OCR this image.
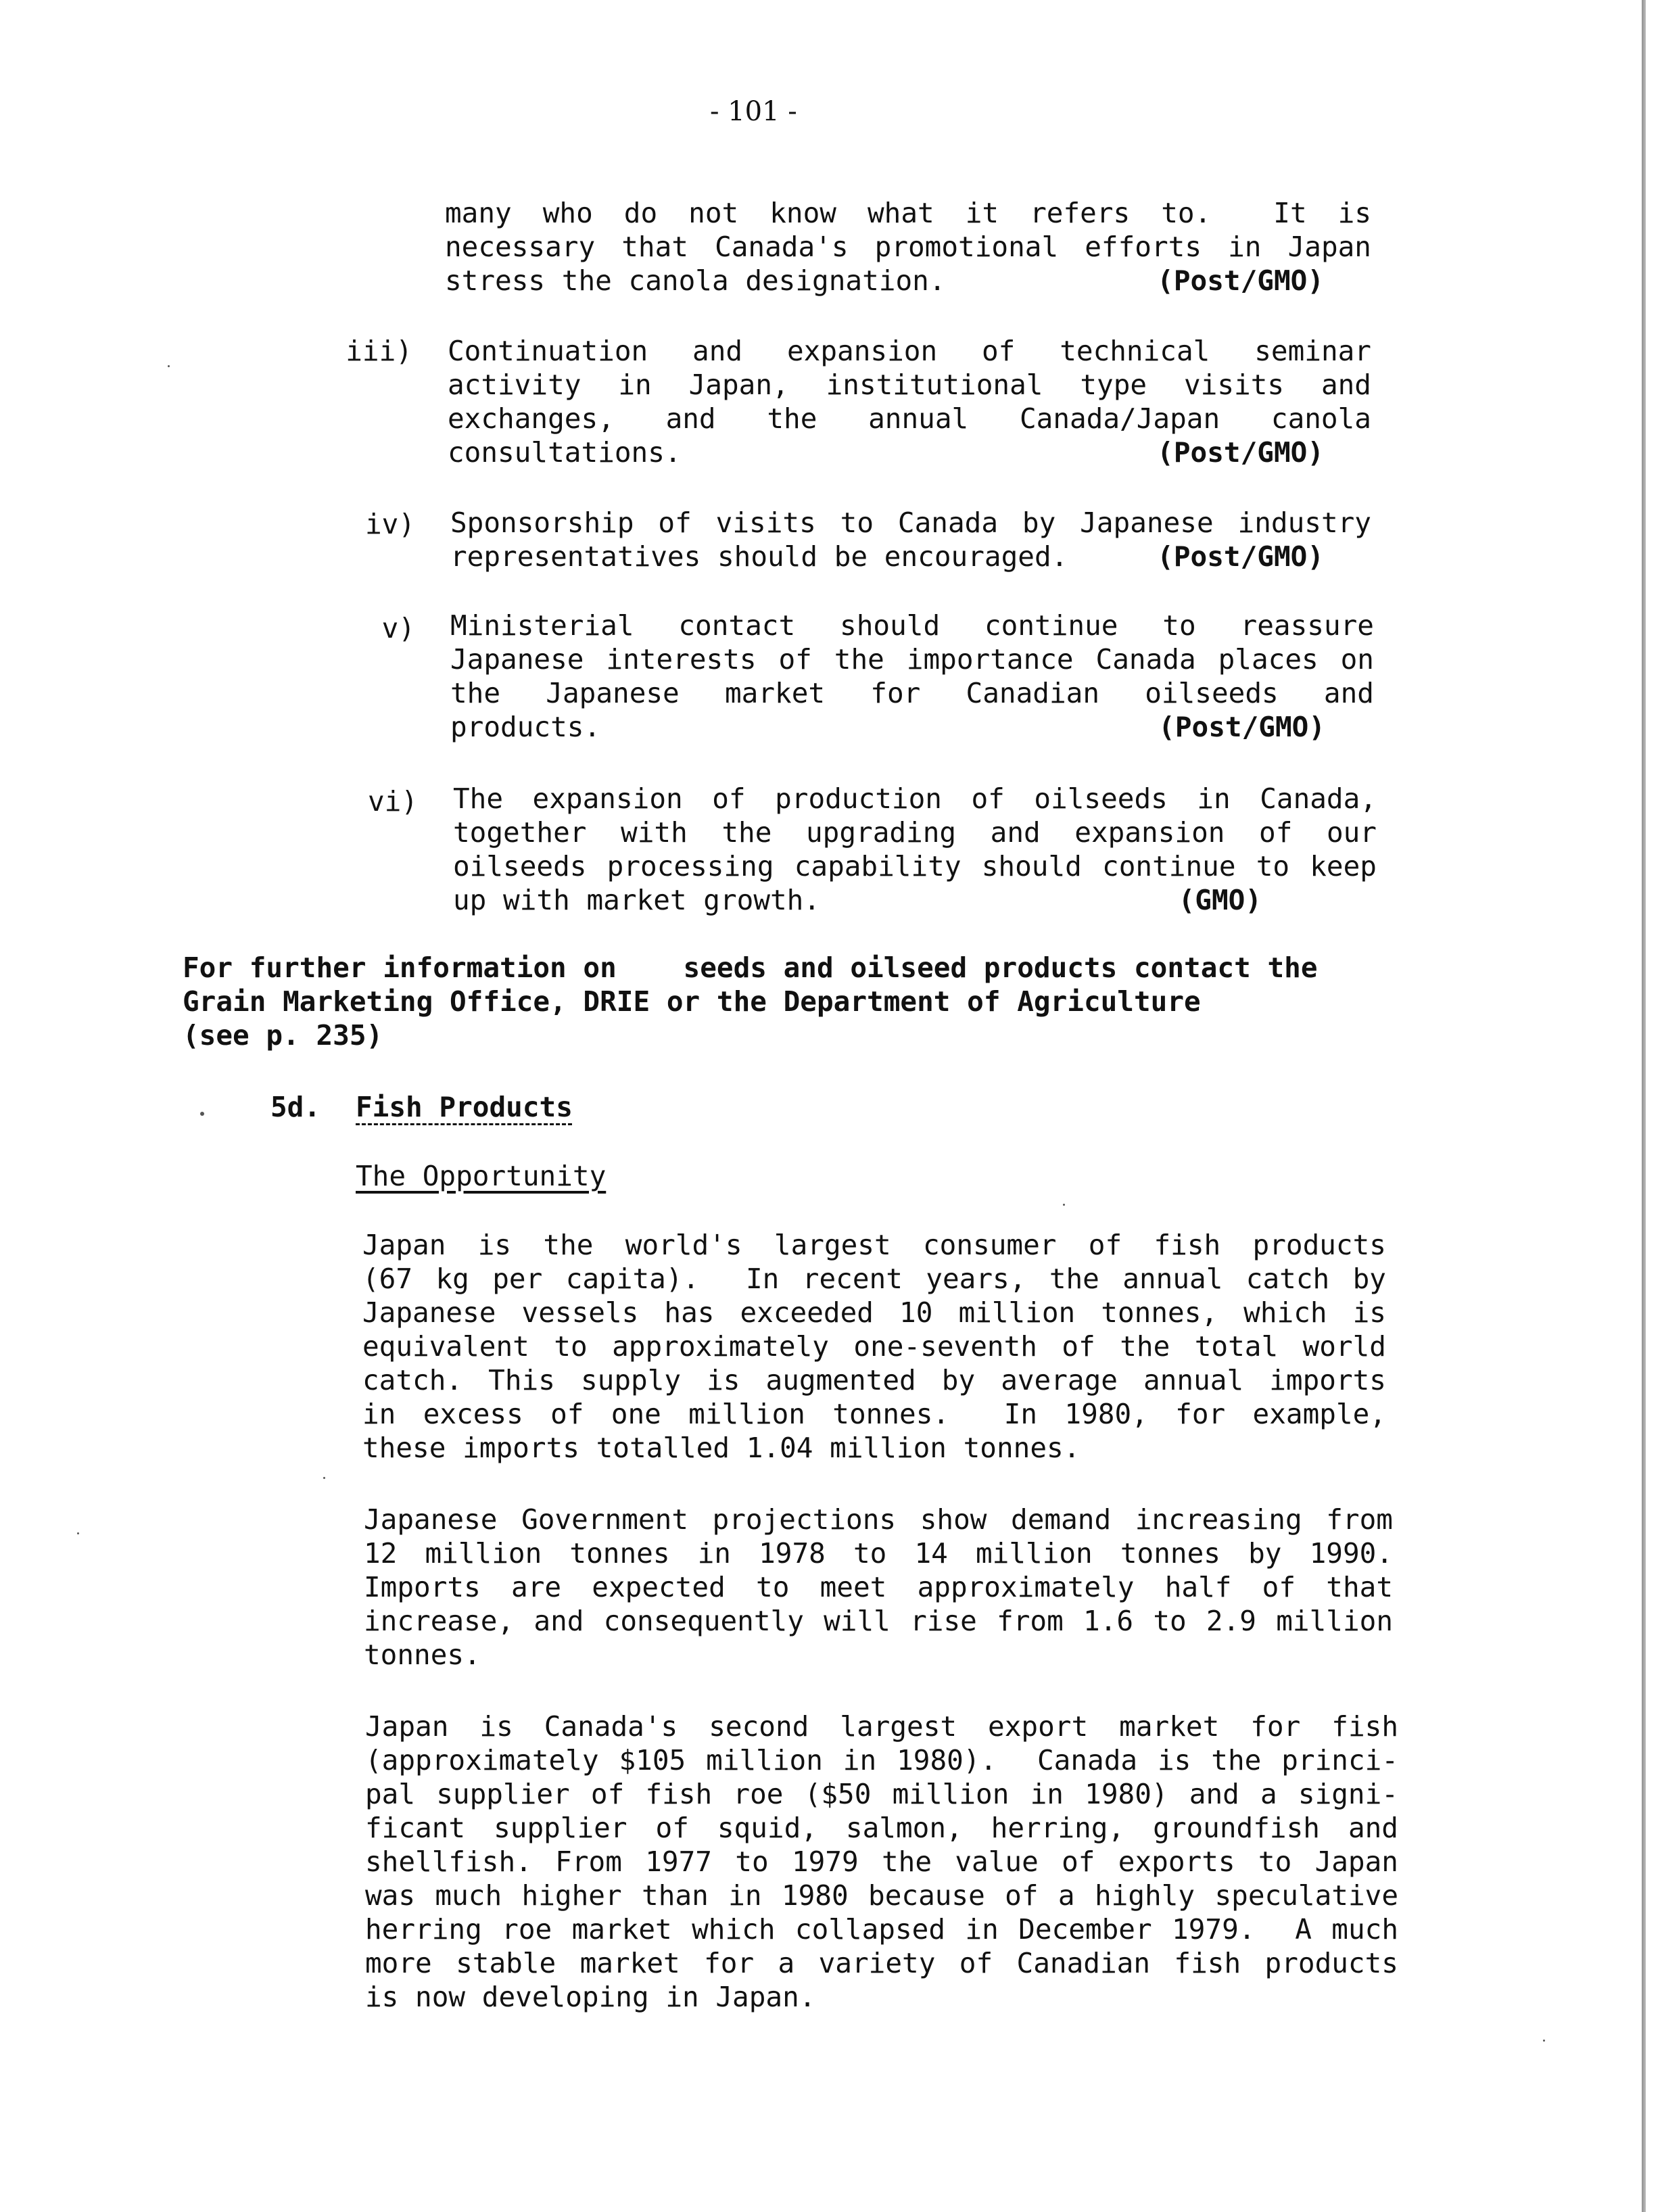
- 101 -
many who do not know what it refers to.  It is
necessary that Canada's promotional efforts in Japan
stress the canola designation.	(Post/GMO)
iii) Continuation and expansion of technical seminar
activity in Japan, institutional type visits and
exchanges, and the annual Canada/Japan canola
consultations.	(Post/GMO)
iv) Sponsorship of visits to Canada by Japanese industry
representatives should be encouraged.	(Post/GMO)
v) Ministerial contact should continue to reassure
Japanese interests of the importance Canada places on
the Japanese market for Canadian oilseeds and
products.	(Post/GMO)
vi) The expansion of production of oilseeds in Canada,
together with the upgrading and expansion of our
oilseeds processing capability should continue to keep
up with market growth.	(GMO)
For further information on    seeds and oilseed products contact the
Grain Marketing Office, DRIE or the Department of Agriculture
(see p. 235)
5d. Fish Products
The Opportunity
Japan is the world's largest consumer of fish products
(67 kg per capita).  In recent years, the annual catch by
Japanese vessels has exceeded 10 million tonnes, which is
equivalent to approximately one-seventh of the total world
catch. This supply is augmented by average annual imports
in excess of one million tonnes.  In 1980, for example,
these imports totalled 1.04 million tonnes.
Japanese Government projections show demand increasing from
12 million tonnes in 1978 to 14 million tonnes by 1990.
Imports are expected to meet approximately half of that
increase, and consequently will rise from 1.6 to 2.9 million
tonnes.
Japan is Canada's second largest export market for fish
(approximately $105 million in 1980).  Canada is the princi-
pal supplier of fish roe ($50 million in 1980) and a signi-
ficant supplier of squid, salmon, herring, groundfish and
shellfish. From 1977 to 1979 the value of exports to Japan
was much higher than in 1980 because of a highly speculative
herring roe market which collapsed in December 1979.  A much
more stable market for a variety of Canadian fish products
is now developing in Japan.
